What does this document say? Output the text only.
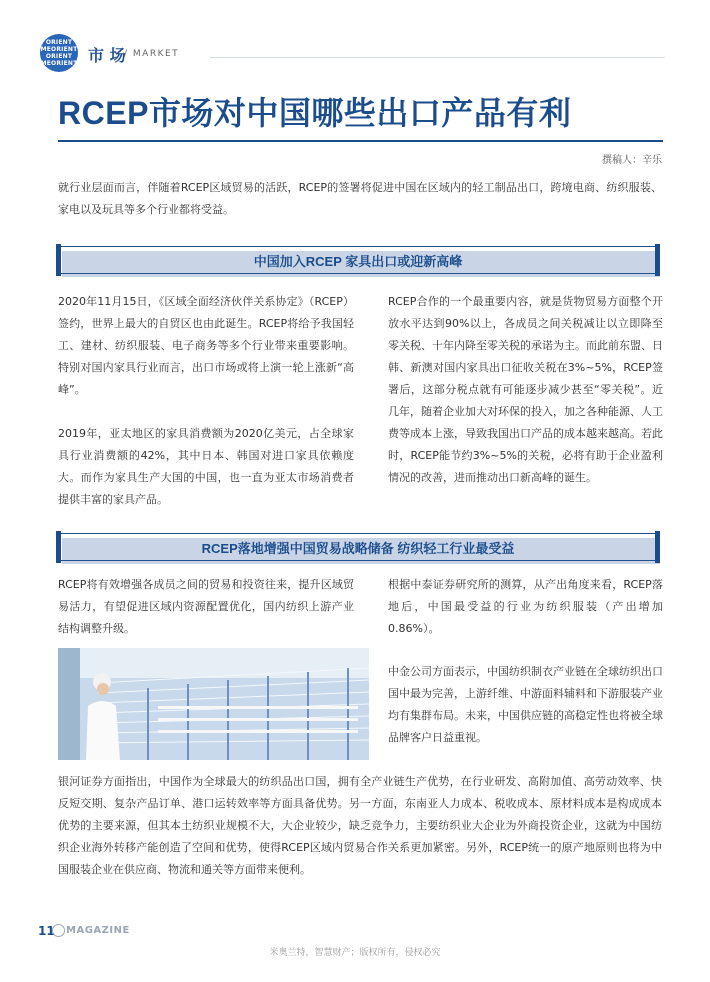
ORIENT
MEORIENT
ORIENT
MEORIENT 市 场
/ MARKET
RCEP市场对中国哪些出口产品有利
撰稿人：辛乐
就行业层面而言，伴随着RCEP区域贸易的活跃，RCEP的签署将促进中国在区域内的轻工制品出口，跨境电商、纺织服装、家电以及玩具等多个行业都将受益。
中国加入RCEP 家具出口或迎新高峰
2020年11月15日，《区域全面经济伙伴关系协定》（RCEP）签约，世界上最大的自贸区也由此诞生。RCEP将给予我国轻工、建材、纺织服装、电子商务等多个行业带来重要影响。特别对国内家具行业而言，出口市场或将上演一轮上涨新“高峰”。
2019年，亚太地区的家具消费额为2020亿美元，占全球家具行业消费额的42%，其中日本、韩国对进口家具依赖度大。而作为家具生产大国的中国，也一直为亚太市场消费者提供丰富的家具产品。
RCEP合作的一个最重要内容，就是货物贸易方面整个开放水平达到90%以上，各成员之间关税减让以立即降至零关税、十年内降至零关税的承诺为主。而此前东盟、日韩、新澳对国内家具出口征收关税在3%~5%，RCEP签署后，这部分税点就有可能逐步减少甚至“零关税”。近几年，随着企业加大对环保的投入，加之各种能源、人工费等成本上涨，导致我国出口产品的成本越来越高。若此时，RCEP能节约3%~5%的关税，必将有助于企业盈利情况的改善，进而推动出口新高峰的诞生。
RCEP落地增强中国贸易战略储备 纺织轻工行业最受益
RCEP将有效增强各成员之间的贸易和投资往来，提升区域贸易活力，有望促进区域内资源配置优化，国内纺织上游产业结构调整升级。
根据中泰证券研究所的测算，从产出角度来看，RCEP落地后，中国最受益的行业为纺织服装（产出增加0.86%）。
中金公司方面表示，中国纺织制衣产业链在全球纺织出口国中最为完善，上游纤维、中游面料辅料和下游服装产业均有集群布局。未来，中国供应链的高稳定性也将被全球品牌客户日益重视。
银河证券方面指出，中国作为全球最大的纺织品出口国，拥有全产业链生产优势，在行业研发、高附加值、高劳动效率、快反短交期、复杂产品订单、港口运转效率等方面具备优势。另一方面，东南亚人力成本、税收成本、原材料成本是构成成本优势的主要来源，但其本土纺织业规模不大，大企业较少，缺乏竞争力，主要纺织业大企业为外商投资企业，这就为中国纺织企业海外转移产能创造了空间和优势，使得RCEP区域内贸易合作关系更加紧密。另外，RCEP统一的原产地原则也将为中国服装企业在供应商、物流和通关等方面带来便利。
11 MAGAZINE
米奥兰特，智慧财产；版权所有，侵权必究
